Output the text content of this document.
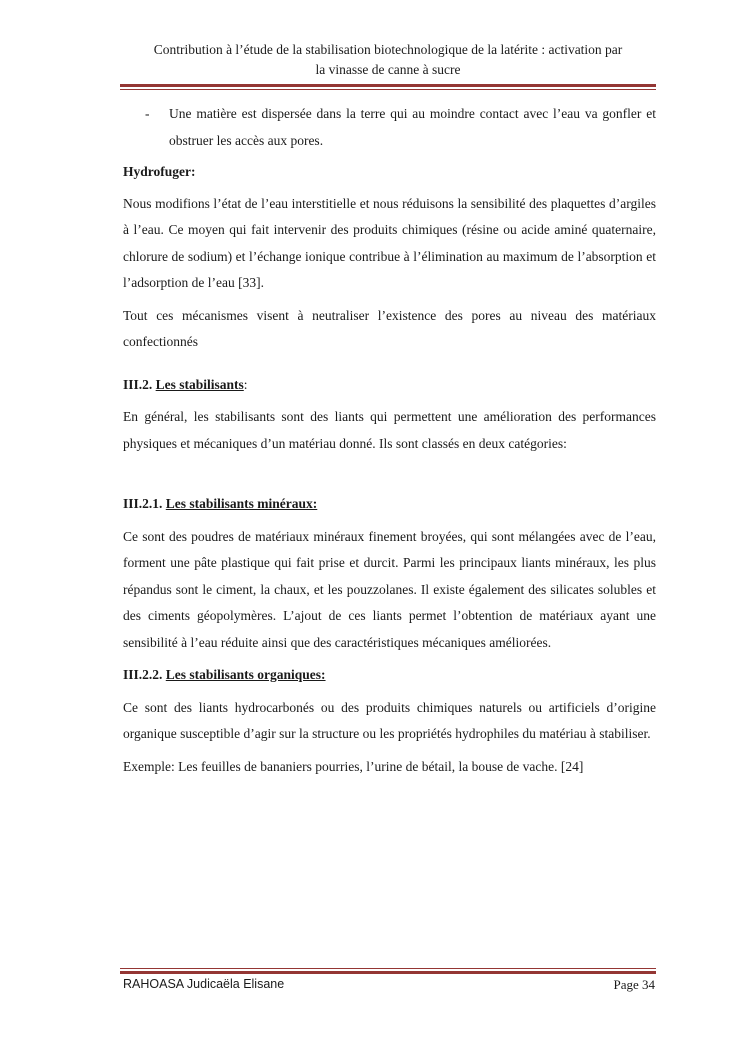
Contribution à l’étude de la stabilisation biotechnologique de la latérite : activation par
la vinasse de canne à sucre

- Une matière est dispersée dans la terre qui au moindre contact avec l’eau va gonfler et obstruer les accès aux pores.

Hydrofuger:

Nous modifions l’état de l’eau interstitielle et nous réduisons la sensibilité des plaquettes d’argiles à l’eau. Ce moyen qui fait intervenir des produits chimiques (résine ou acide aminé quaternaire, chlorure de sodium) et l’échange ionique contribue à l’élimination au maximum de l’absorption et l’adsorption de l’eau [33].

Tout ces mécanismes visent à neutraliser l’existence des pores au niveau des matériaux confectionnés

III.2. Les stabilisants:

En général, les stabilisants sont des liants qui permettent une amélioration des performances physiques et mécaniques d’un matériau donné. Ils sont classés en deux catégories:

III.2.1. Les stabilisants minéraux:

Ce sont des poudres de matériaux minéraux finement broyées, qui sont mélangées avec de l’eau, forment une pâte plastique qui fait prise et durcit. Parmi les principaux liants minéraux, les plus répandus sont le ciment, la chaux, et les pouzzolanes. Il existe également des silicates solubles et des ciments géopolymères. L’ajout de ces liants permet l’obtention de matériaux ayant une sensibilité à l’eau réduite ainsi que des caractéristiques mécaniques améliorées.

III.2.2. Les stabilisants organiques:

Ce sont des liants hydrocarbonés ou des produits chimiques naturels ou artificiels d’origine organique susceptible d’agir sur la structure ou les propriétés hydrophiles du matériau à stabiliser.

Exemple: Les feuilles de bananiers pourries, l’urine de bétail, la bouse de vache. [24]

RAHOASA Judicaëla Elisane	Page 34
